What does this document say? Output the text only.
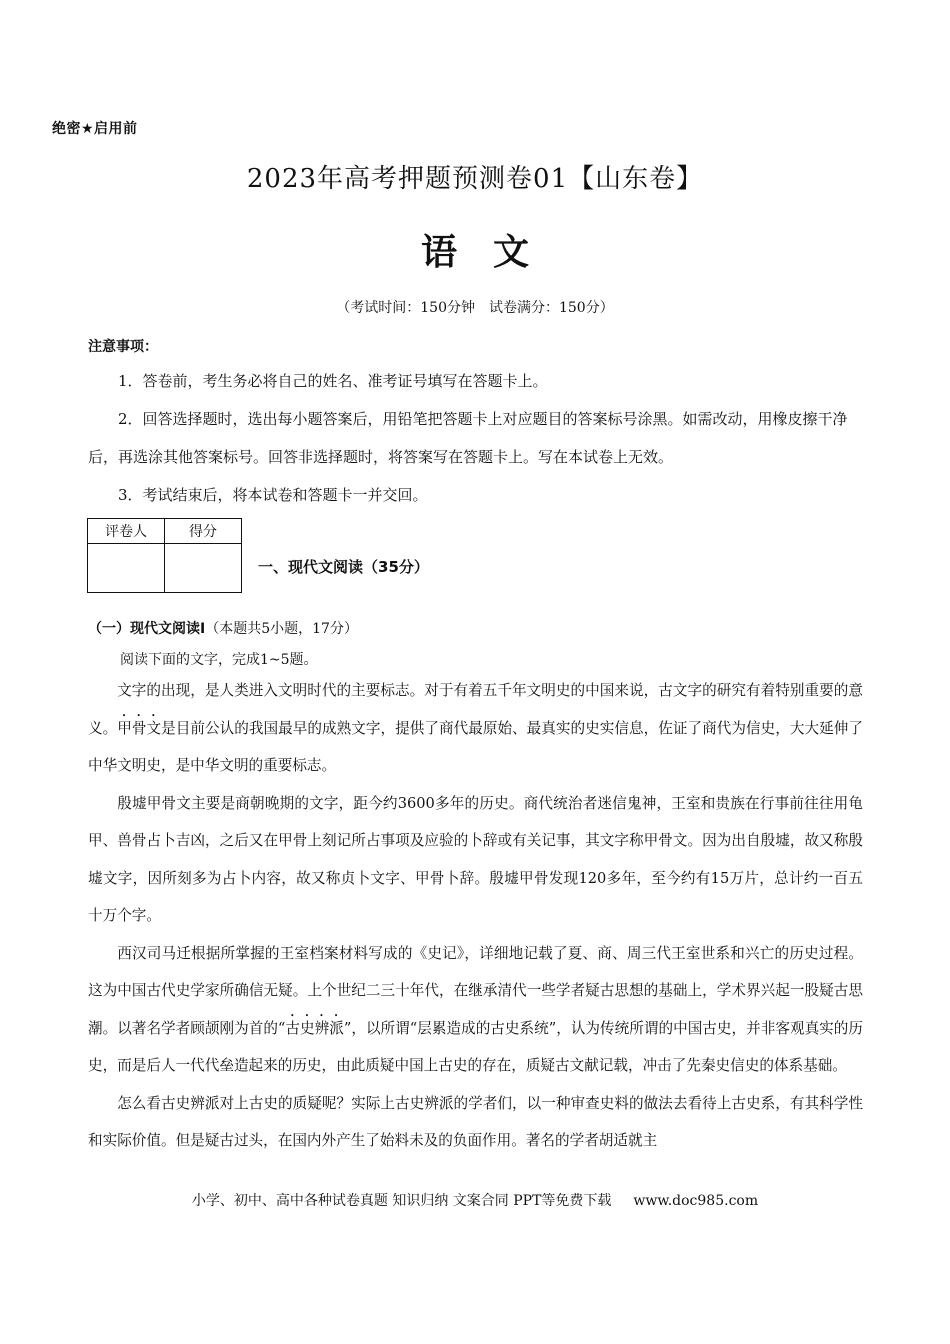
绝密★启用前
2023年高考押题预测卷01【山东卷】
语文
（考试时间：150分钟　试卷满分：150分）
注意事项：
1．答卷前，考生务必将自己的姓名、准考证号填写在答题卡上。
2．回答选择题时，选出每小题答案后，用铅笔把答题卡上对应题目的答案标号涂黑。如需改动，用橡皮擦干净后，再选涂其他答案标号。回答非选择题时，将答案写在答题卡上。写在本试卷上无效。
3．考试结束后，将本试卷和答题卡一并交回。
评卷人	得分

一、现代文阅读（35分）
（一）现代文阅读Ⅰ（本题共5小题，17分）
阅读下面的文字，完成1~5题。

文字的出现，是人类进入文明时代的主要标志。对于有着五千年文明史的中国来说，古文字的研究有着特别重要的意义。甲骨文是目前公认的我国最早的成熟文字，提供了商代最原始、最真实的史实信息，佐证了商代为信史，大大延伸了中华文明史，是中华文明的重要标志。

殷墟甲骨文主要是商朝晚期的文字，距今约3600多年的历史。商代统治者迷信鬼神，王室和贵族在行事前往往用龟甲、兽骨占卜吉凶，之后又在甲骨上刻记所占事项及应验的卜辞或有关记事，其文字称甲骨文。因为出自殷墟，故又称殷墟文字，因所刻多为占卜内容，故又称贞卜文字、甲骨卜辞。殷墟甲骨发现120多年，至今约有15万片，总计约一百五十万个字。

西汉司马迁根据所掌握的王室档案材料写成的《史记》，详细地记载了夏、商、周三代王室世系和兴亡的历史过程。这为中国古代史学家所确信无疑。上个世纪二三十年代，在继承清代一些学者疑古思想的基础上，学术界兴起一股疑古思潮。以著名学者顾颉刚为首的“古史辨派”，以所谓“层累造成的古史系统”，认为传统所谓的中国古史，并非客观真实的历史，而是后人一代代垒造起来的历史，由此质疑中国上古史的存在，质疑古文献记载，冲击了先秦史信史的体系基础。

怎么看古史辨派对上古史的质疑呢？实际上古史辨派的学者们，以一种审查史料的做法去看待上古史系，有其科学性和实际价值。但是疑古过头，在国内外产生了始料未及的负面作用。著名的学者胡适就主

小学、初中、高中各种试卷真题 知识归纳 文案合同 PPT等免费下载 www.doc985.com
